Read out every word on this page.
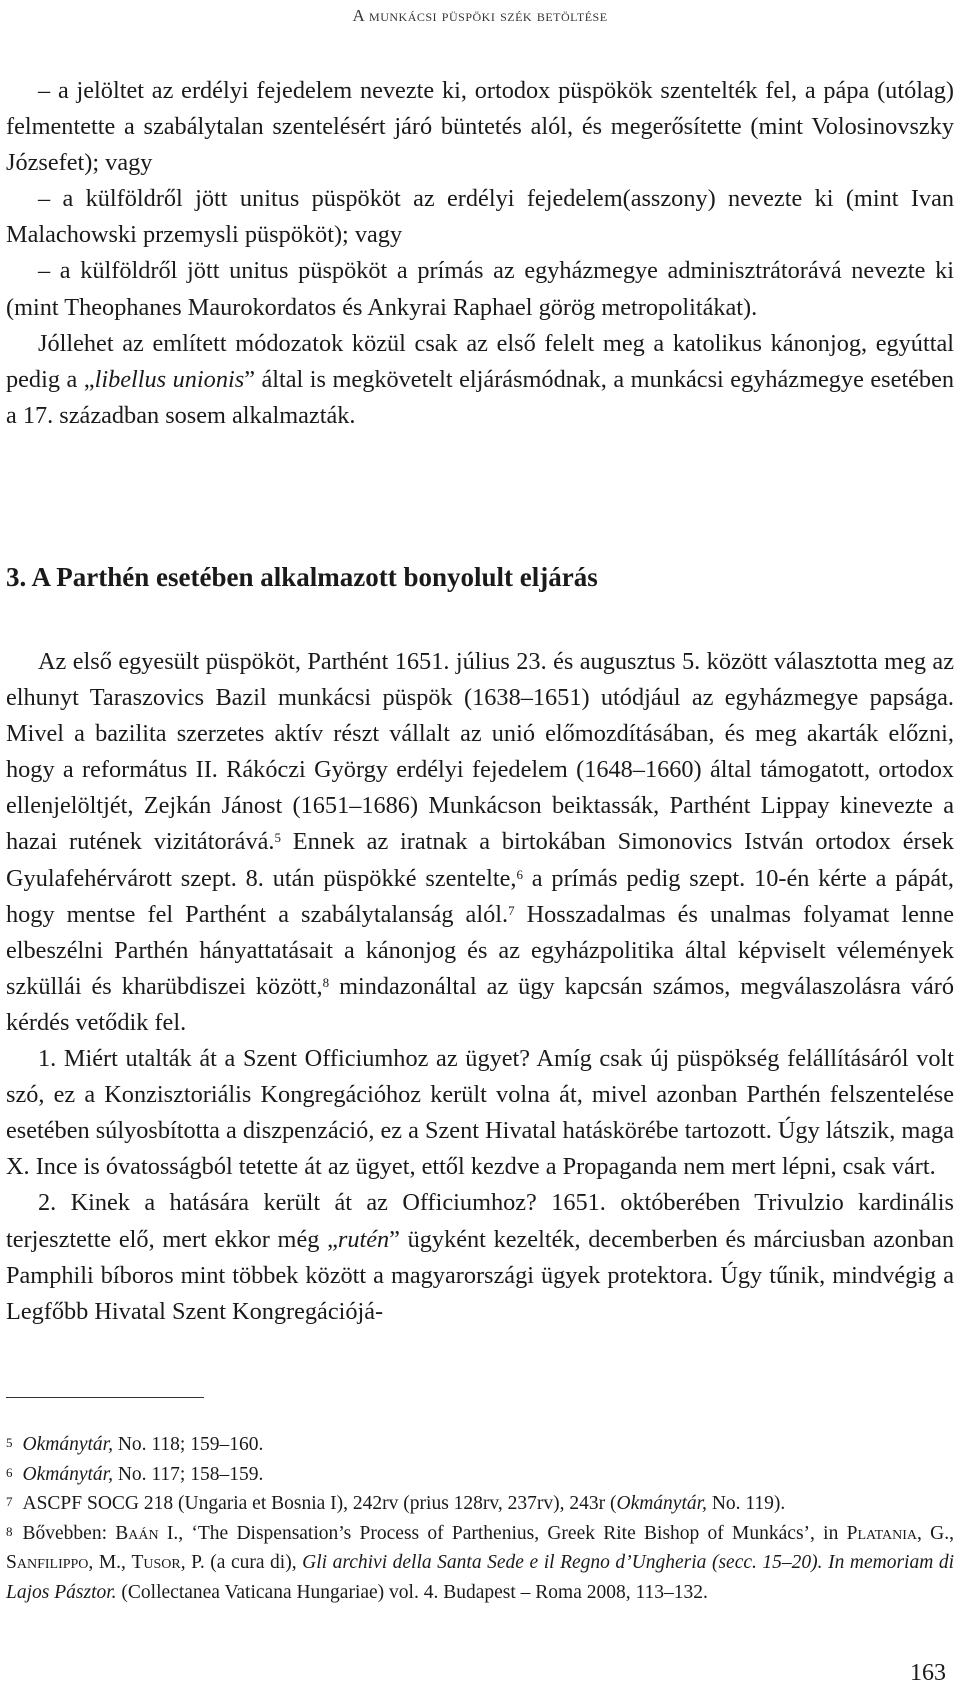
A munkácsi püspöki szék betöltése

– a jelöltet az erdélyi fejedelem nevezte ki, ortodox püspökök szentelték fel, a pápa (utólag) felmentette a szabálytalan szentelésért járó büntetés alól, és megerősítette (mint Volosinovszky Józsefet); vagy

– a külföldről jött unitus püspököt az erdélyi fejedelem(asszony) nevezte ki (mint Ivan Malachowski przemysli püspököt); vagy

– a külföldről jött unitus püspököt a prímás az egyházmegye adminisztrátorává nevezte ki (mint Theophanes Maurokordatos és Ankyrai Raphael görög metropolitákat).

Jóllehet az említett módozatok közül csak az első felelt meg a katolikus kánonjog, egyúttal pedig a „libellus unionis” által is megkövetelt eljárásmódnak, a munkácsi egyházmegye esetében a 17. században sosem alkalmazták.

3. A Parthén esetében alkalmazott bonyolult eljárás

Az első egyesült püspököt, Parthént 1651. július 23. és augusztus 5. között választotta meg az elhunyt Taraszovics Bazil munkácsi püspök (1638–1651) utódjául az egyházmegye papsága. Mivel a bazilita szerzetes aktív részt vállalt az unió előmozdításában, és meg akarták előzni, hogy a református II. Rákóczi György erdélyi fejedelem (1648–1660) által támogatott, ortodox ellenjelöltjét, Zejkán Jánost (1651–1686) Munkácson beiktassák, Parthént Lippay kinevezte a hazai rutének vizitátorává.$^5$ Ennek az iratnak a birtokában Simonovics István ortodox érsek Gyulafehérvárott szept. 8. után püspökké szentelte,$^6$ a prímás pedig szept. 10-én kérte a pápát, hogy mentse fel Parthént a szabálytalanság alól.$^7$ Hosszadalmas és unalmas folyamat lenne elbeszélni Parthén hányattatásait a kánonjog és az egyházpolitika által képviselt vélemények szküllái és kharübdiszei között,$^8$ mindazonáltal az ügy kapcsán számos, megválaszolásra váró kérdés vetődik fel.

1. Miért utalták át a Szent Officiumhoz az ügyet? Amíg csak új püspökség felállításáról volt szó, ez a Konzisztoriális Kongregációhoz került volna át, mivel azonban Parthén felszentelése esetében súlyosbította a diszpenzáció, ez a Szent Hivatal hatáskörébe tartozott. Úgy látszik, maga X. Ince is óvatosságból tetette át az ügyet, ettől kezdve a Propaganda nem mert lépni, csak várt.

2. Kinek a hatására került át az Officiumhoz? 1651. októberében Trivulzio kardinális terjesztette elő, mert ekkor még „rutén” ügyként kezelték, decemberben és márciusban azonban Pamphili bíboros mint többek között a magyarországi ügyek protektora. Úgy tűnik, mindvégig a Legfőbb Hivatal Szent Kongregációjá-

$^5$ Okmánytár, No. 118; 159–160.

$^6$ Okmánytár, No. 117; 158–159.

$^7$ ASCPF SOCG 218 (Ungaria et Bosnia I), 242rv (prius 128rv, 237rv), 243r (Okmánytár, No. 119).

$^8$ Bővebben: Baán I., ‘The Dispensation’s Process of Parthenius, Greek Rite Bishop of Munkács’, in Platania, G., Sanfilippo, M., Tusor, P. (a cura di), Gli archivi della Santa Sede e il Regno d’Ungheria (secc. 15–20). In memoriam di Lajos Pásztor. (Collectanea Vaticana Hungariae) vol. 4. Budapest – Roma 2008, 113–132.

163
